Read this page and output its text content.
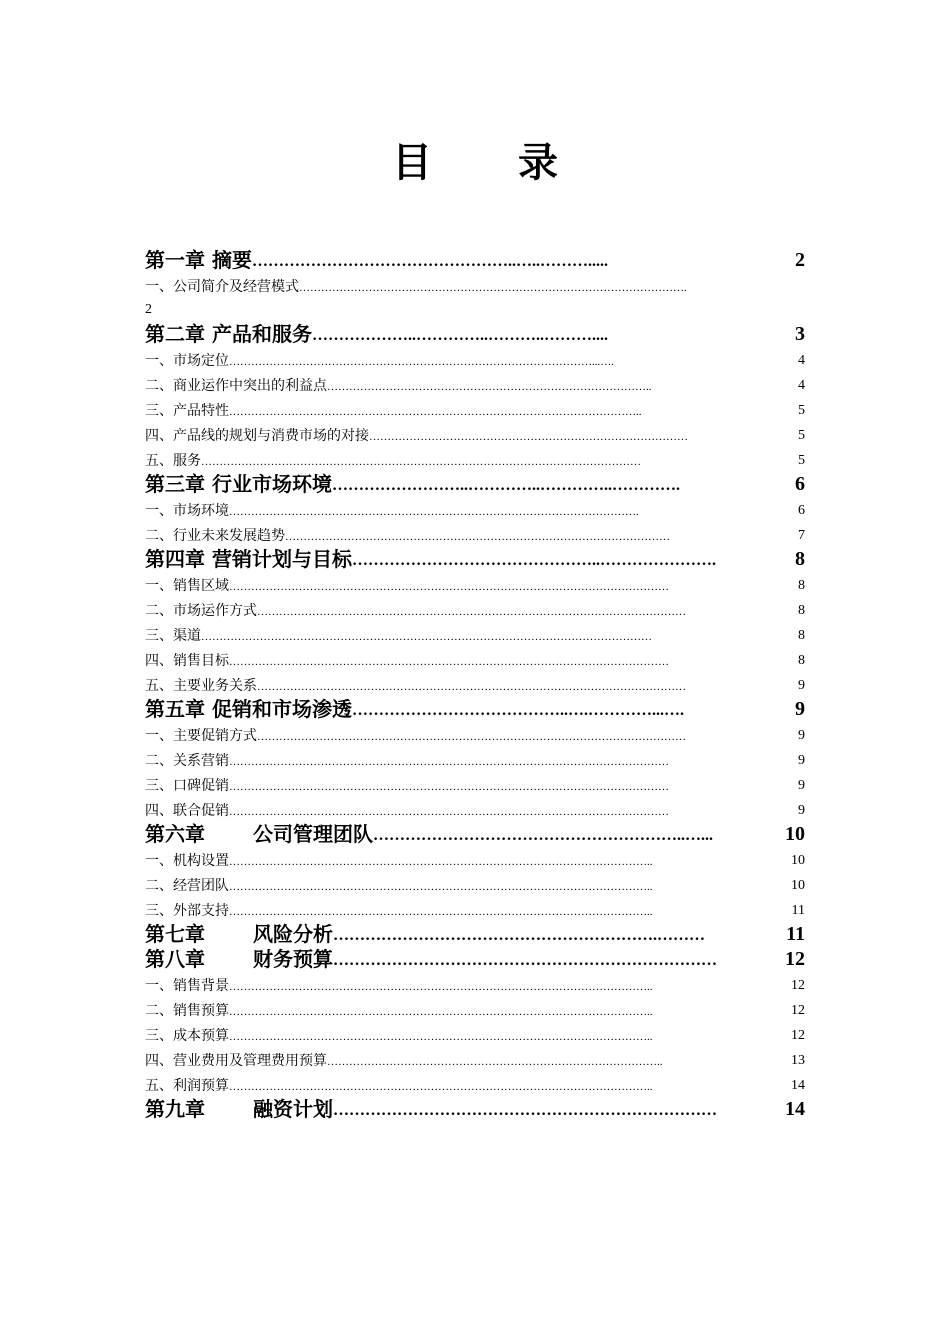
目 录
第一章 摘要 …………………………………………..…..……….....	2
一、公司简介及经营模式 …………………………………………………………………………………………….
2
第二章 产品和服务 ………………..…………..………..………....	3
一、市场定位 ………………………………………………………………………………………...….	4
二、商业运作中突出的利益点 ……………………………………………………………………………..	4
三、产品特性 …………………………………………………………………………………………………..	5
四、产品线的规划与消费市场的对接 ……………………………………………………………………………	5
五、服务 …………………………………………………………………………………………………………	5
第三章 行业市场环境 ……………………..…………..…………..………….	6
一、市场环境 ………………………………………………………………………………………………….	6
二、行业未来发展趋势 ……………………………………………………………………………………………	7
第四章 营销计划与目标 ………………………………………..………………….	8
一、销售区域 …………………………………………………………………………………………………………	8
二、市场运作方式 ………………………………………………………………………………………………………	8
三、渠道 ……………………………………………………………………………………………………………	8
四、销售目标 …………………………………………………………………………………………………………	8
五、主要业务关系 ………………………………………………………………………………………………………	9
第五章 促销和市场渗透 …………………………………..….…………...….	9
一、主要促销方式 ………………………………………………………………………………………………………	9
二、关系营销 …………………………………………………………………………………………………………	9
三、口碑促销 …………………………………………………………………………………………………………	9
四、联合促销 …………………………………………………………………………………………………………	9
第六章 公司管理团队 …………………………………………………..…...	10
一、机构设置 ……………………………………………………………………………………………………..	10
二、经营团队 ……………………………………………………………………………………………………..	10
三、外部支持 ……………………………………………………………………………………………………..	11
第七章 风险分析 …………………………………………………….………	11
第八章 财务预算 ………………………………………………………………	12
一、销售背景 ……………………………………………………………………………………………………..	12
二、销售预算 ……………………………………………………………………………………………………..	12
三、成本预算 ……………………………………………………………………………………………………..	12
四、营业费用及管理费用预算 ………………………………………………………………………………..	13
五、利润预算 ……………………………………………………………………………………………………..	14
第九章 融资计划 ………………………………………………………………	14
